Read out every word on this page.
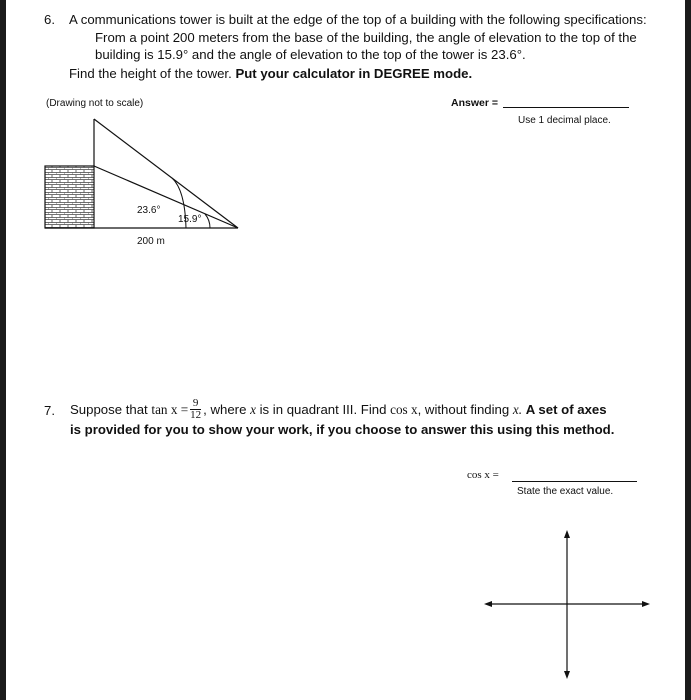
6. A communications tower is built at the edge of the top of a building with the following specifications:
From a point 200 meters from the base of the building, the angle of elevation to the top of the
building is 15.9° and the angle of elevation to the top of the tower is 23.6°.
Find the height of the tower. Put your calculator in DEGREE mode.
(Drawing not to scale)	Answer =
Use 1 decimal place.
23.6°
15.9°
200 m
7. Suppose that
$\tan x = \frac{9}{12}$ , where
x
is in quadrant III. Find
cos x , without finding
x.
A set of axes
is provided for you to show your work, if you choose to answer this using this method.
cos x =
State the exact value.
